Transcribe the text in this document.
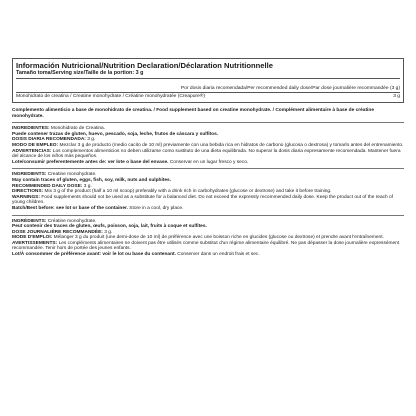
Información Nutricional/Nutrition Declaration/Déclaration Nutritionnelle
Tamaño toma/Serving size/Taille de la portion: 3 g
Por dosis diaria recomendada/Per recommended daily dose/Par dose journalière recommandée (3 g)
Monohidrato de creatina / Creatine monohydrate / Créatine monohydratée (Creapure®)	3 g

Complemento alimenticio a base de monohidrato de creatina. / Food supplement based on creatine monohydrate. / Complément alimentaire à base de créatine monohydrate.

INGREDIENTES: Monohidrato de Creatina.

Puede contener trazas de gluten, huevo, pescado, soja, leche, frutos de cáscara y sulfitos.

DOSIS DIARIA RECOMENDADA: 3 g.

MODO DE EMPLEO: Mezclar 3 g de producto (medio cacito de 10 ml) previamente con una bebida rica en hidratos de carbono (glucosa o dextrosa) y tomarlo antes del entrenamiento.

ADVERTENCIAS: Los complementos alimenticios no deben utilizarse como sustituto de una dieta equilibrada. No superar la dosis diaria expresamente recomendada. Mantener fuera del alcance de los niños más pequeños.

Lote/consumir preferentemente antes de: ver lote o base del envase. Conservar en un lugar fresco y seco.

INGREDIENTS: Creatine monohydrate.

May contain traces of gluten, eggs, fish, soy, milk, nuts and sulphites.

RECOMMENDED DAILY DOSE: 3 g.

DIRECTIONS: Mix 3 g of the product (half a 10 ml scoop) preferably with a drink rich in carbohydrates (glucose or dextrose) and take it before training.

WARNINGS: Food supplements should not be used as a substitute for a balanced diet. Do not exceed the expressly recommended daily dose. Keep the product out of the reach of young children.

Batch/Best before: see lot or base of the container. Store in a cool, dry place.

INGRÉDIENTS: Créatine monohydrate.

Peut contenir des traces de gluten, œufs, poisson, soja, lait, fruits à coque et sulfites.

DOSE JOURNALIÈRE RECOMMANDÉE: 3 g.

MODE D'EMPLOI: Mélanger 3 g du produit (une demi-dose de 10 ml) de préférence avec une boisson riche en glucides (glucose ou dextrose) et prendre avant l'entraînement.

AVERTISSEMENTS: Les compléments alimentaires ne doivent pas être utilisés comme substitut d'un régime alimentaire équilibré. Ne pas dépasser la dose journalière expressément recommandée. Tenir hors de portée des jeunes enfants.

Lot/À consommer de préférence avant: voir le lot ou base du contenant. Conserver dans un endroit frais et sec.
